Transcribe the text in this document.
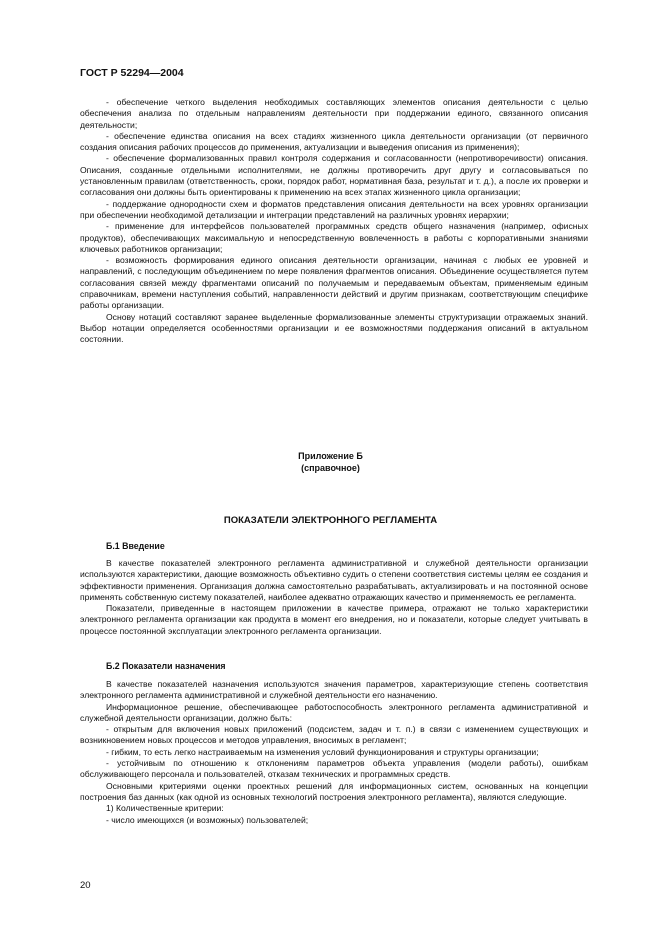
ГОСТ Р 52294—2004

- обеспечение четкого выделения необходимых составляющих элементов описания деятельности с целью обеспечения анализа по отдельным направлениям деятельности при поддержании единого, связанного описания деятельности;

- обеспечение единства описания на всех стадиях жизненного цикла деятельности организации (от первичного создания описания рабочих процессов до применения, актуализации и выведения описания из применения);

- обеспечение формализованных правил контроля содержания и согласованности (непротиворечивости) описания. Описания, созданные отдельными исполнителями, не должны противоречить друг другу и согласовываться по установленным правилам (ответственность, сроки, порядок работ, нормативная база, результат и т. д.), а после их проверки и согласования они должны быть ориентированы к применению на всех этапах жизненного цикла организации;

- поддержание однородности схем и форматов представления описания деятельности на всех уровнях организации при обеспечении необходимой детализации и интеграции представлений на различных уровнях иерархии;

- применение для интерфейсов пользователей программных средств общего назначения (например, офисных продуктов), обеспечивающих максимальную и непосредственную вовлеченность в работы с корпоративными знаниями ключевых работников организации;

- возможность формирования единого описания деятельности организации, начиная с любых ее уровней и направлений, с последующим объединением по мере появления фрагментов описания. Объединение осуществляется путем согласования связей между фрагментами описаний по получаемым и передаваемым объектам, применяемым единым справочникам, времени наступления событий, направленности действий и другим признакам, соответствующим специфике работы организации.

Основу нотаций составляют заранее выделенные формализованные элементы структуризации отражаемых знаний. Выбор нотации определяется особенностями организации и ее возможностями поддержания описаний в актуальном состоянии.

Приложение Б
(справочное)
ПОКАЗАТЕЛИ ЭЛЕКТРОННОГО РЕГЛАМЕНТА
Б.1 Введение

В качестве показателей электронного регламента административной и служебной деятельности организации используются характеристики, дающие возможность объективно судить о степени соответствия системы целям ее создания и эффективности применения. Организация должна самостоятельно разрабатывать, актуализировать и на постоянной основе применять собственную систему показателей, наиболее адекватно отражающих качество и применяемость ее регламента.

Показатели, приведенные в настоящем приложении в качестве примера, отражают не только характеристики электронного регламента организации как продукта в момент его внедрения, но и показатели, которые следует учитывать в процессе постоянной эксплуатации электронного регламента организации.

Б.2 Показатели назначения

В качестве показателей назначения используются значения параметров, характеризующие степень соответствия электронного регламента административной и служебной деятельности его назначению.

Информационное решение, обеспечивающее работоспособность электронного регламента административной и служебной деятельности организации, должно быть:

- открытым для включения новых приложений (подсистем, задач и т. п.) в связи с изменением существующих и возникновением новых процессов и методов управления, вносимых в регламент;

- гибким, то есть легко настраиваемым на изменения условий функционирования и структуры организации;

- устойчивым по отношению к отклонениям параметров объекта управления (модели работы), ошибкам обслуживающего персонала и пользователей, отказам технических и программных средств.

Основными критериями оценки проектных решений для информационных систем, основанных на концепции построения баз данных (как одной из основных технологий построения электронного регламента), являются следующие.

1) Количественные критерии:

- число имеющихся (и возможных) пользователей;

20
